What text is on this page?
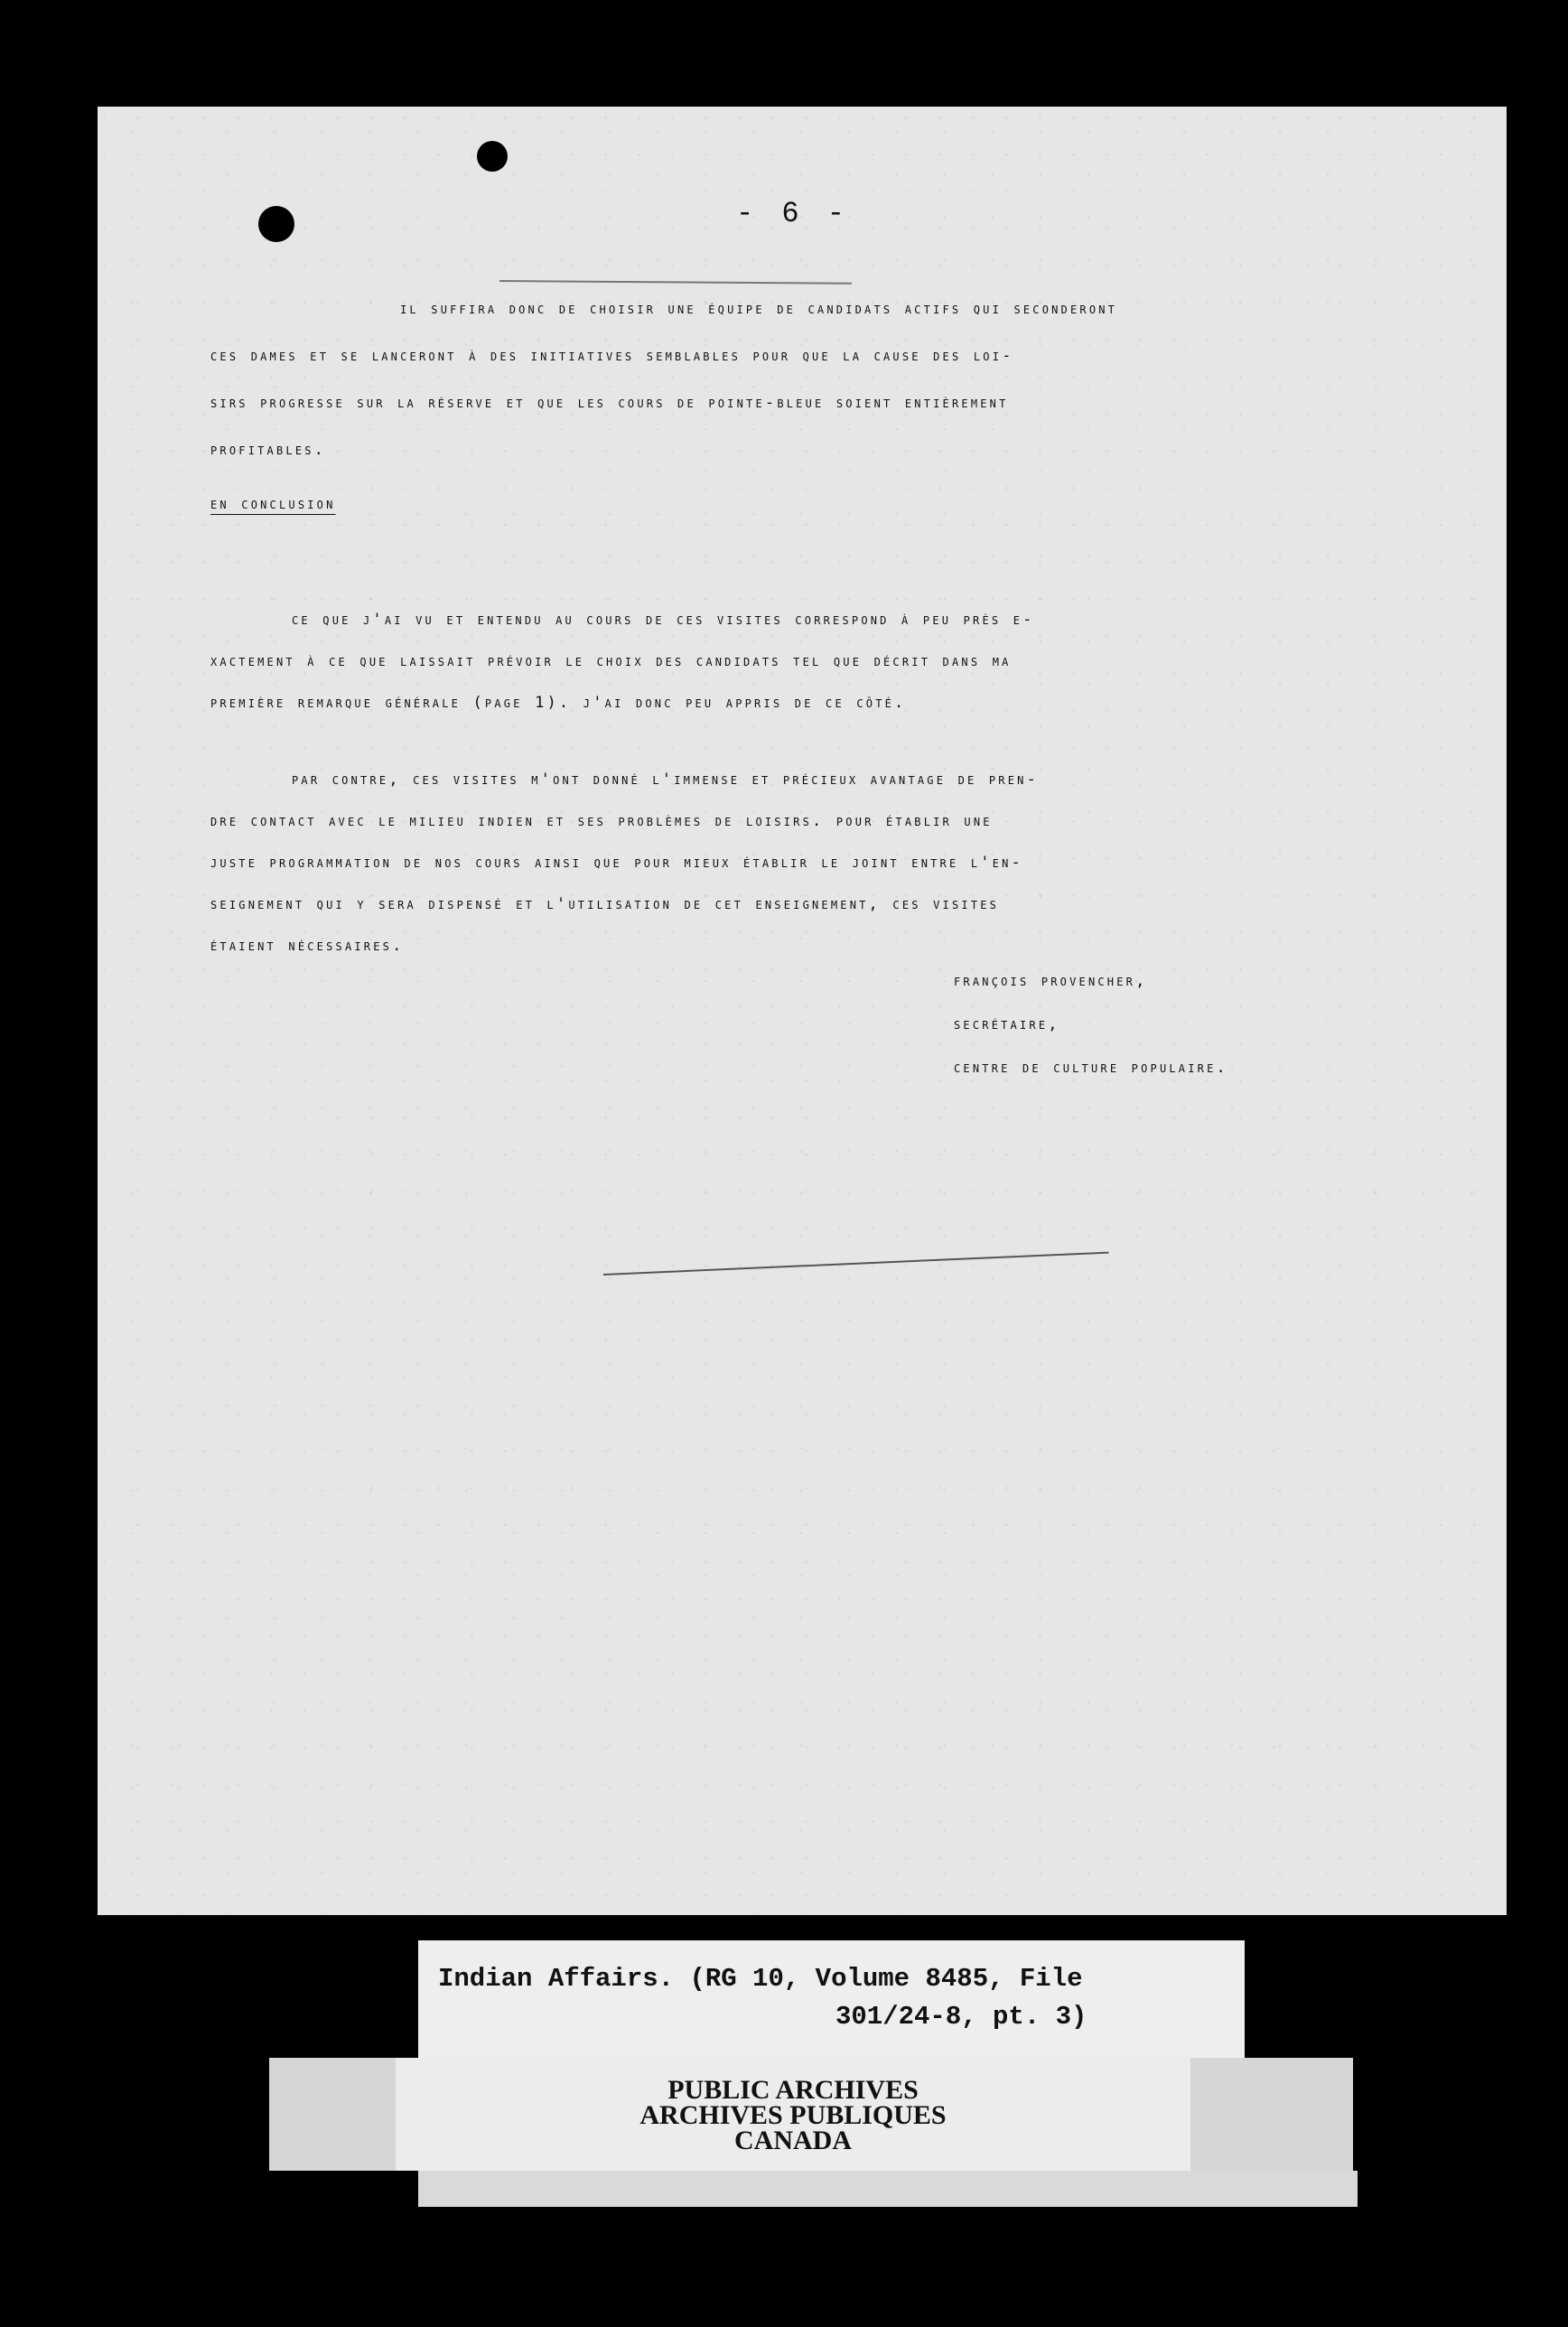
- 6 -
il suffira donc de choisir une équipe de candidats actifs qui seconderont
ces dames et se lanceront à des initiatives semblables pour que la cause des loi-
sirs progresse sur la réserve et que les cours de pointe-bleue soient entièrement
profitables.
en conclusion
ce que j'ai vu et entendu au cours de ces visites correspond à peu près e-
xactement à ce que laissait prévoir le choix des candidats tel que décrit dans ma
première remarque générale (page 1). j'ai donc peu appris de ce côté.
par contre, ces visites m'ont donné l'immense et précieux avantage de pren-
dre contact avec le milieu indien et ses problèmes de loisirs. pour établir une
juste programmation de nos cours ainsi que pour mieux établir le joint entre l'en-
seignement qui y sera dispensé et l'utilisation de cet enseignement, ces visites
étaient nécessaires.
françois provencher,
secrétaire,
centre de culture populaire.
Indian Affairs. (RG 10, Volume 8485, File
301/24-8, pt. 3)
PUBLIC ARCHIVES
ARCHIVES PUBLIQUES
CANADA
